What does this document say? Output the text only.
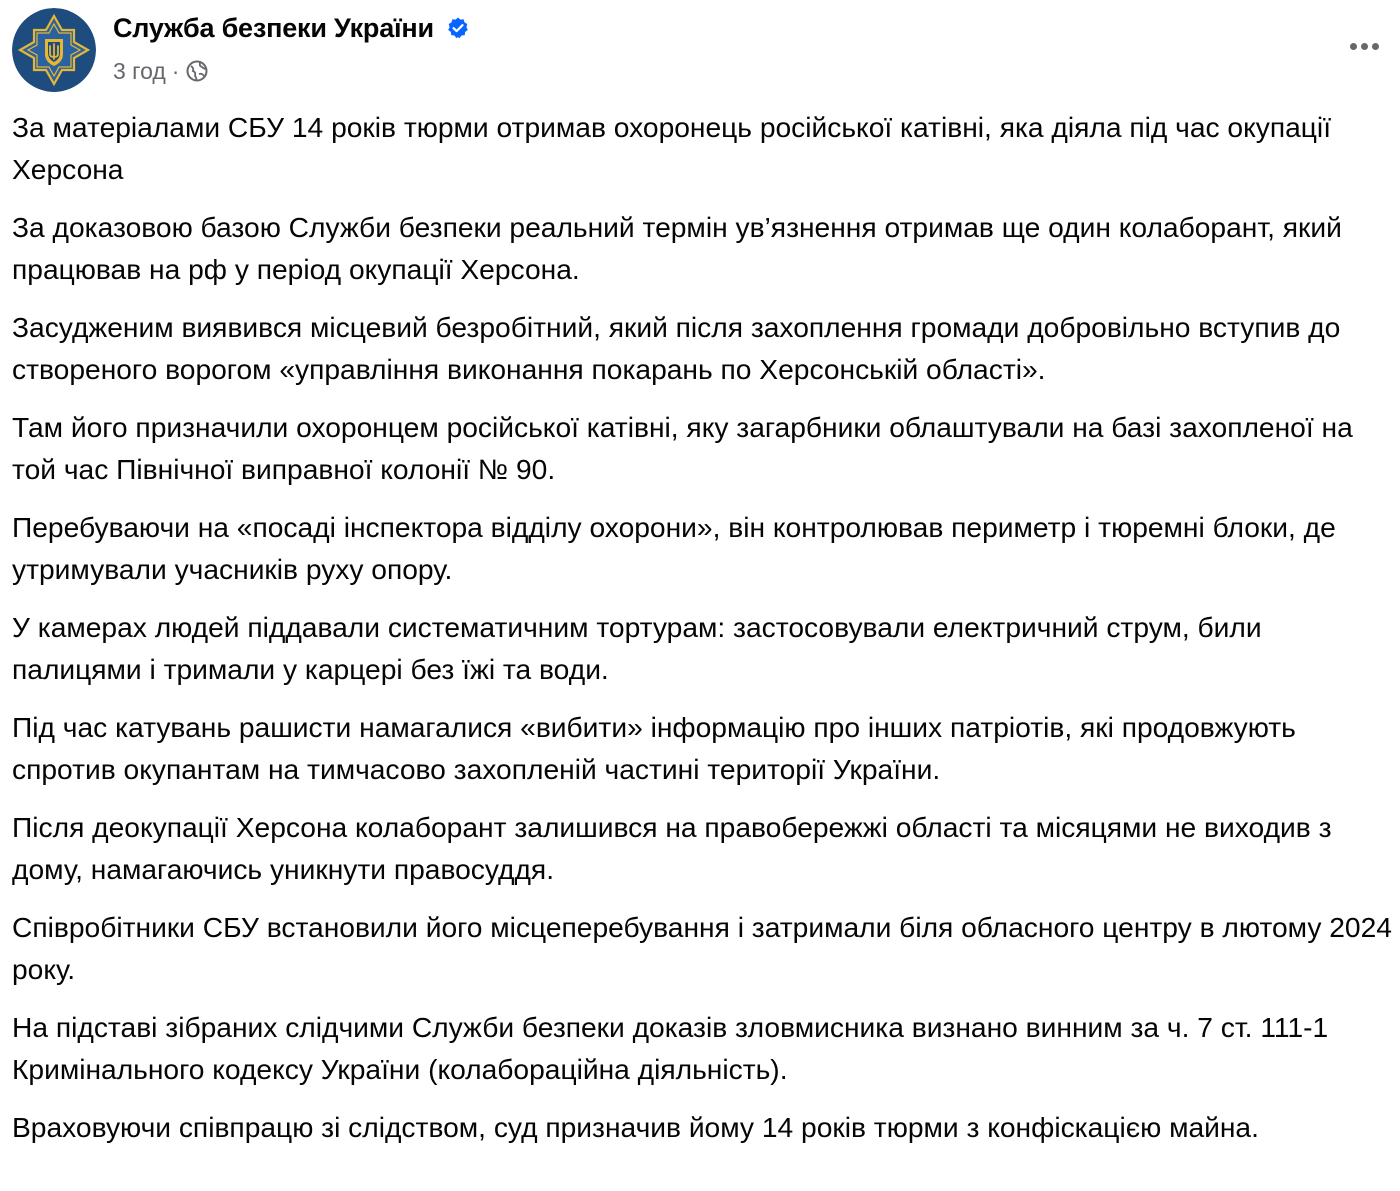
Служба безпеки України
3 год ·

За матеріалами СБУ 14 років тюрми отримав охоронець російської катівні, яка діяла під час окупації Херсона

За доказовою базою Служби безпеки реальний термін ув’язнення отримав ще один колаборант, який працював на рф у період окупації Херсона.

Засудженим виявився місцевий безробітний, який після захоплення громади добровільно вступив до створеного ворогом «управління виконання покарань по Херсонській області».

Там його призначили охоронцем російської катівні, яку загарбники облаштували на базі захопленої на той час Північної виправної колонії № 90.

Перебуваючи на «посаді інспектора відділу охорони», він контролював периметр і тюремні блоки, де утримували учасників руху опору.

У камерах людей піддавали систематичним тортурам: застосовували електричний струм, били палицями і тримали у карцері без їжі та води.

Під час катувань рашисти намагалися «вибити» інформацію про інших патріотів, які продовжують спротив окупантам на тимчасово захопленій частині території України.

Після деокупації Херсона колаборант залишився на правобережжі області та місяцями не виходив з дому, намагаючись уникнути правосуддя.

Співробітники СБУ встановили його місцеперебування і затримали біля обласного центру в лютому 2024 року.

На підставі зібраних слідчими Служби безпеки доказів зловмисника визнано винним за ч. 7 ст. 111-1 Кримінального кодексу України (колабораційна діяльність).

Враховуючи співпрацю зі слідством, суд призначив йому 14 років тюрми з конфіскацією майна.
